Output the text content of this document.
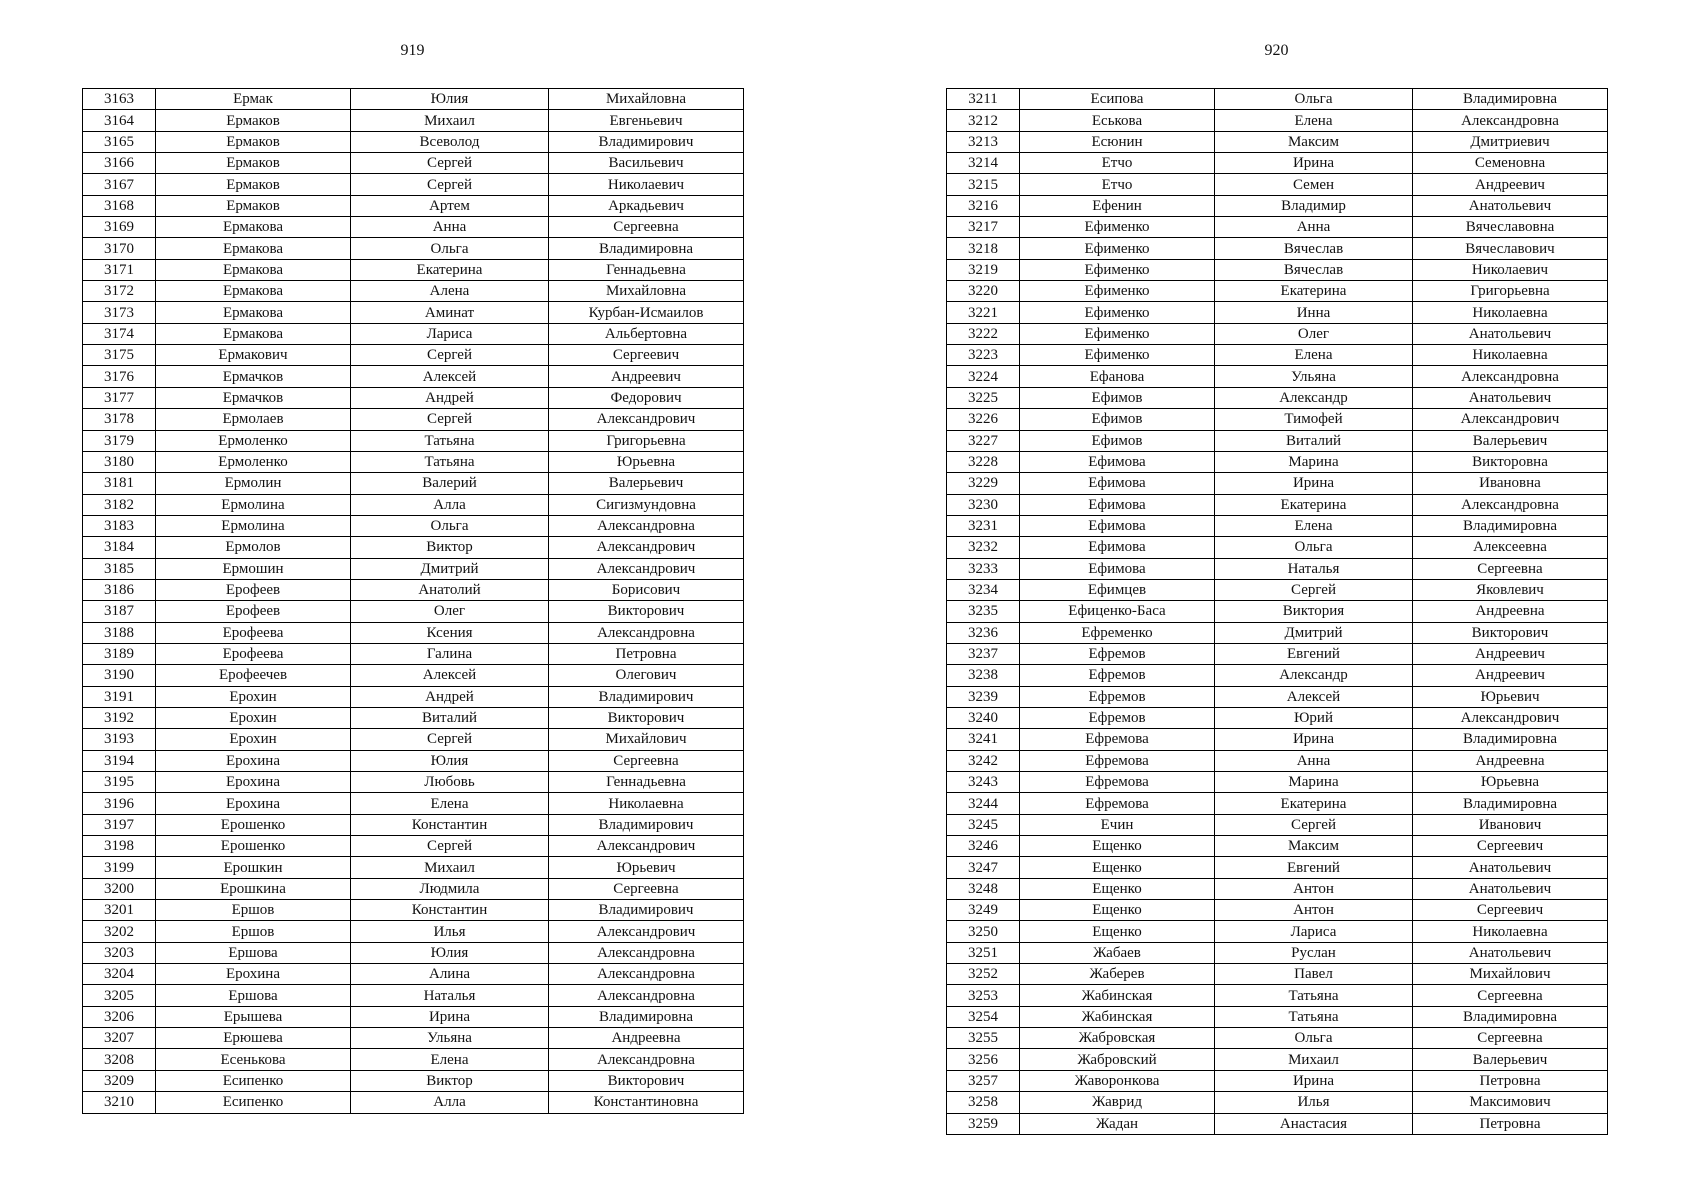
919
3163	Ермак	Юлия	Михайловна
3164	Ермаков	Михаил	Евгеньевич
3165	Ермаков	Всеволод	Владимирович
3166	Ермаков	Сергей	Васильевич
3167	Ермаков	Сергей	Николаевич
3168	Ермаков	Артем	Аркадьевич
3169	Ермакова	Анна	Сергеевна
3170	Ермакова	Ольга	Владимировна
3171	Ермакова	Екатерина	Геннадьевна
3172	Ермакова	Алена	Михайловна
3173	Ермакова	Аминат	Курбан-Исмаилов
3174	Ермакова	Лариса	Альбертовна
3175	Ермакович	Сергей	Сергеевич
3176	Ермачков	Алексей	Андреевич
3177	Ермачков	Андрей	Федорович
3178	Ермолаев	Сергей	Александрович
3179	Ермоленко	Татьяна	Григорьевна
3180	Ермоленко	Татьяна	Юрьевна
3181	Ермолин	Валерий	Валерьевич
3182	Ермолина	Алла	Сигизмундовна
3183	Ермолина	Ольга	Александровна
3184	Ермолов	Виктор	Александрович
3185	Ермошин	Дмитрий	Александрович
3186	Ерофеев	Анатолий	Борисович
3187	Ерофеев	Олег	Викторович
3188	Ерофеева	Ксения	Александровна
3189	Ерофеева	Галина	Петровна
3190	Ерофеечев	Алексей	Олегович
3191	Ерохин	Андрей	Владимирович
3192	Ерохин	Виталий	Викторович
3193	Ерохин	Сергей	Михайлович
3194	Ерохина	Юлия	Сергеевна
3195	Ерохина	Любовь	Геннадьевна
3196	Ерохина	Елена	Николаевна
3197	Ерошенко	Константин	Владимирович
3198	Ерошенко	Сергей	Александрович
3199	Ерошкин	Михаил	Юрьевич
3200	Ерошкина	Людмила	Сергеевна
3201	Ершов	Константин	Владимирович
3202	Ершов	Илья	Александрович
3203	Ершова	Юлия	Александровна
3204	Ерохина	Алина	Александровна
3205	Ершова	Наталья	Александровна
3206	Ерышева	Ирина	Владимировна
3207	Ерюшева	Ульяна	Андреевна
3208	Есенькова	Елена	Александровна
3209	Есипенко	Виктор	Викторович
3210	Есипенко	Алла	Константиновна
920
3211	Есипова	Ольга	Владимировна
3212	Еськова	Елена	Александровна
3213	Есюнин	Максим	Дмитриевич
3214	Етчо	Ирина	Семеновна
3215	Етчо	Семен	Андреевич
3216	Ефенин	Владимир	Анатольевич
3217	Ефименко	Анна	Вячеславовна
3218	Ефименко	Вячеслав	Вячеславович
3219	Ефименко	Вячеслав	Николаевич
3220	Ефименко	Екатерина	Григорьевна
3221	Ефименко	Инна	Николаевна
3222	Ефименко	Олег	Анатольевич
3223	Ефименко	Елена	Николаевна
3224	Ефанова	Ульяна	Александровна
3225	Ефимов	Александр	Анатольевич
3226	Ефимов	Тимофей	Александрович
3227	Ефимов	Виталий	Валерьевич
3228	Ефимова	Марина	Викторовна
3229	Ефимова	Ирина	Ивановна
3230	Ефимова	Екатерина	Александровна
3231	Ефимова	Елена	Владимировна
3232	Ефимова	Ольга	Алексеевна
3233	Ефимова	Наталья	Сергеевна
3234	Ефимцев	Сергей	Яковлевич
3235	Ефиценко-Баса	Виктория	Андреевна
3236	Ефременко	Дмитрий	Викторович
3237	Ефремов	Евгений	Андреевич
3238	Ефремов	Александр	Андреевич
3239	Ефремов	Алексей	Юрьевич
3240	Ефремов	Юрий	Александрович
3241	Ефремова	Ирина	Владимировна
3242	Ефремова	Анна	Андреевна
3243	Ефремова	Марина	Юрьевна
3244	Ефремова	Екатерина	Владимировна
3245	Ечин	Сергей	Иванович
3246	Ещенко	Максим	Сергеевич
3247	Ещенко	Евгений	Анатольевич
3248	Ещенко	Антон	Анатольевич
3249	Ещенко	Антон	Сергеевич
3250	Ещенко	Лариса	Николаевна
3251	Жабаев	Руслан	Анатольевич
3252	Жаберев	Павел	Михайлович
3253	Жабинская	Татьяна	Сергеевна
3254	Жабинская	Татьяна	Владимировна
3255	Жабровская	Ольга	Сергеевна
3256	Жабровский	Михаил	Валерьевич
3257	Жаворонкова	Ирина	Петровна
3258	Жаврид	Илья	Максимович
3259	Жадан	Анастасия	Петровна
